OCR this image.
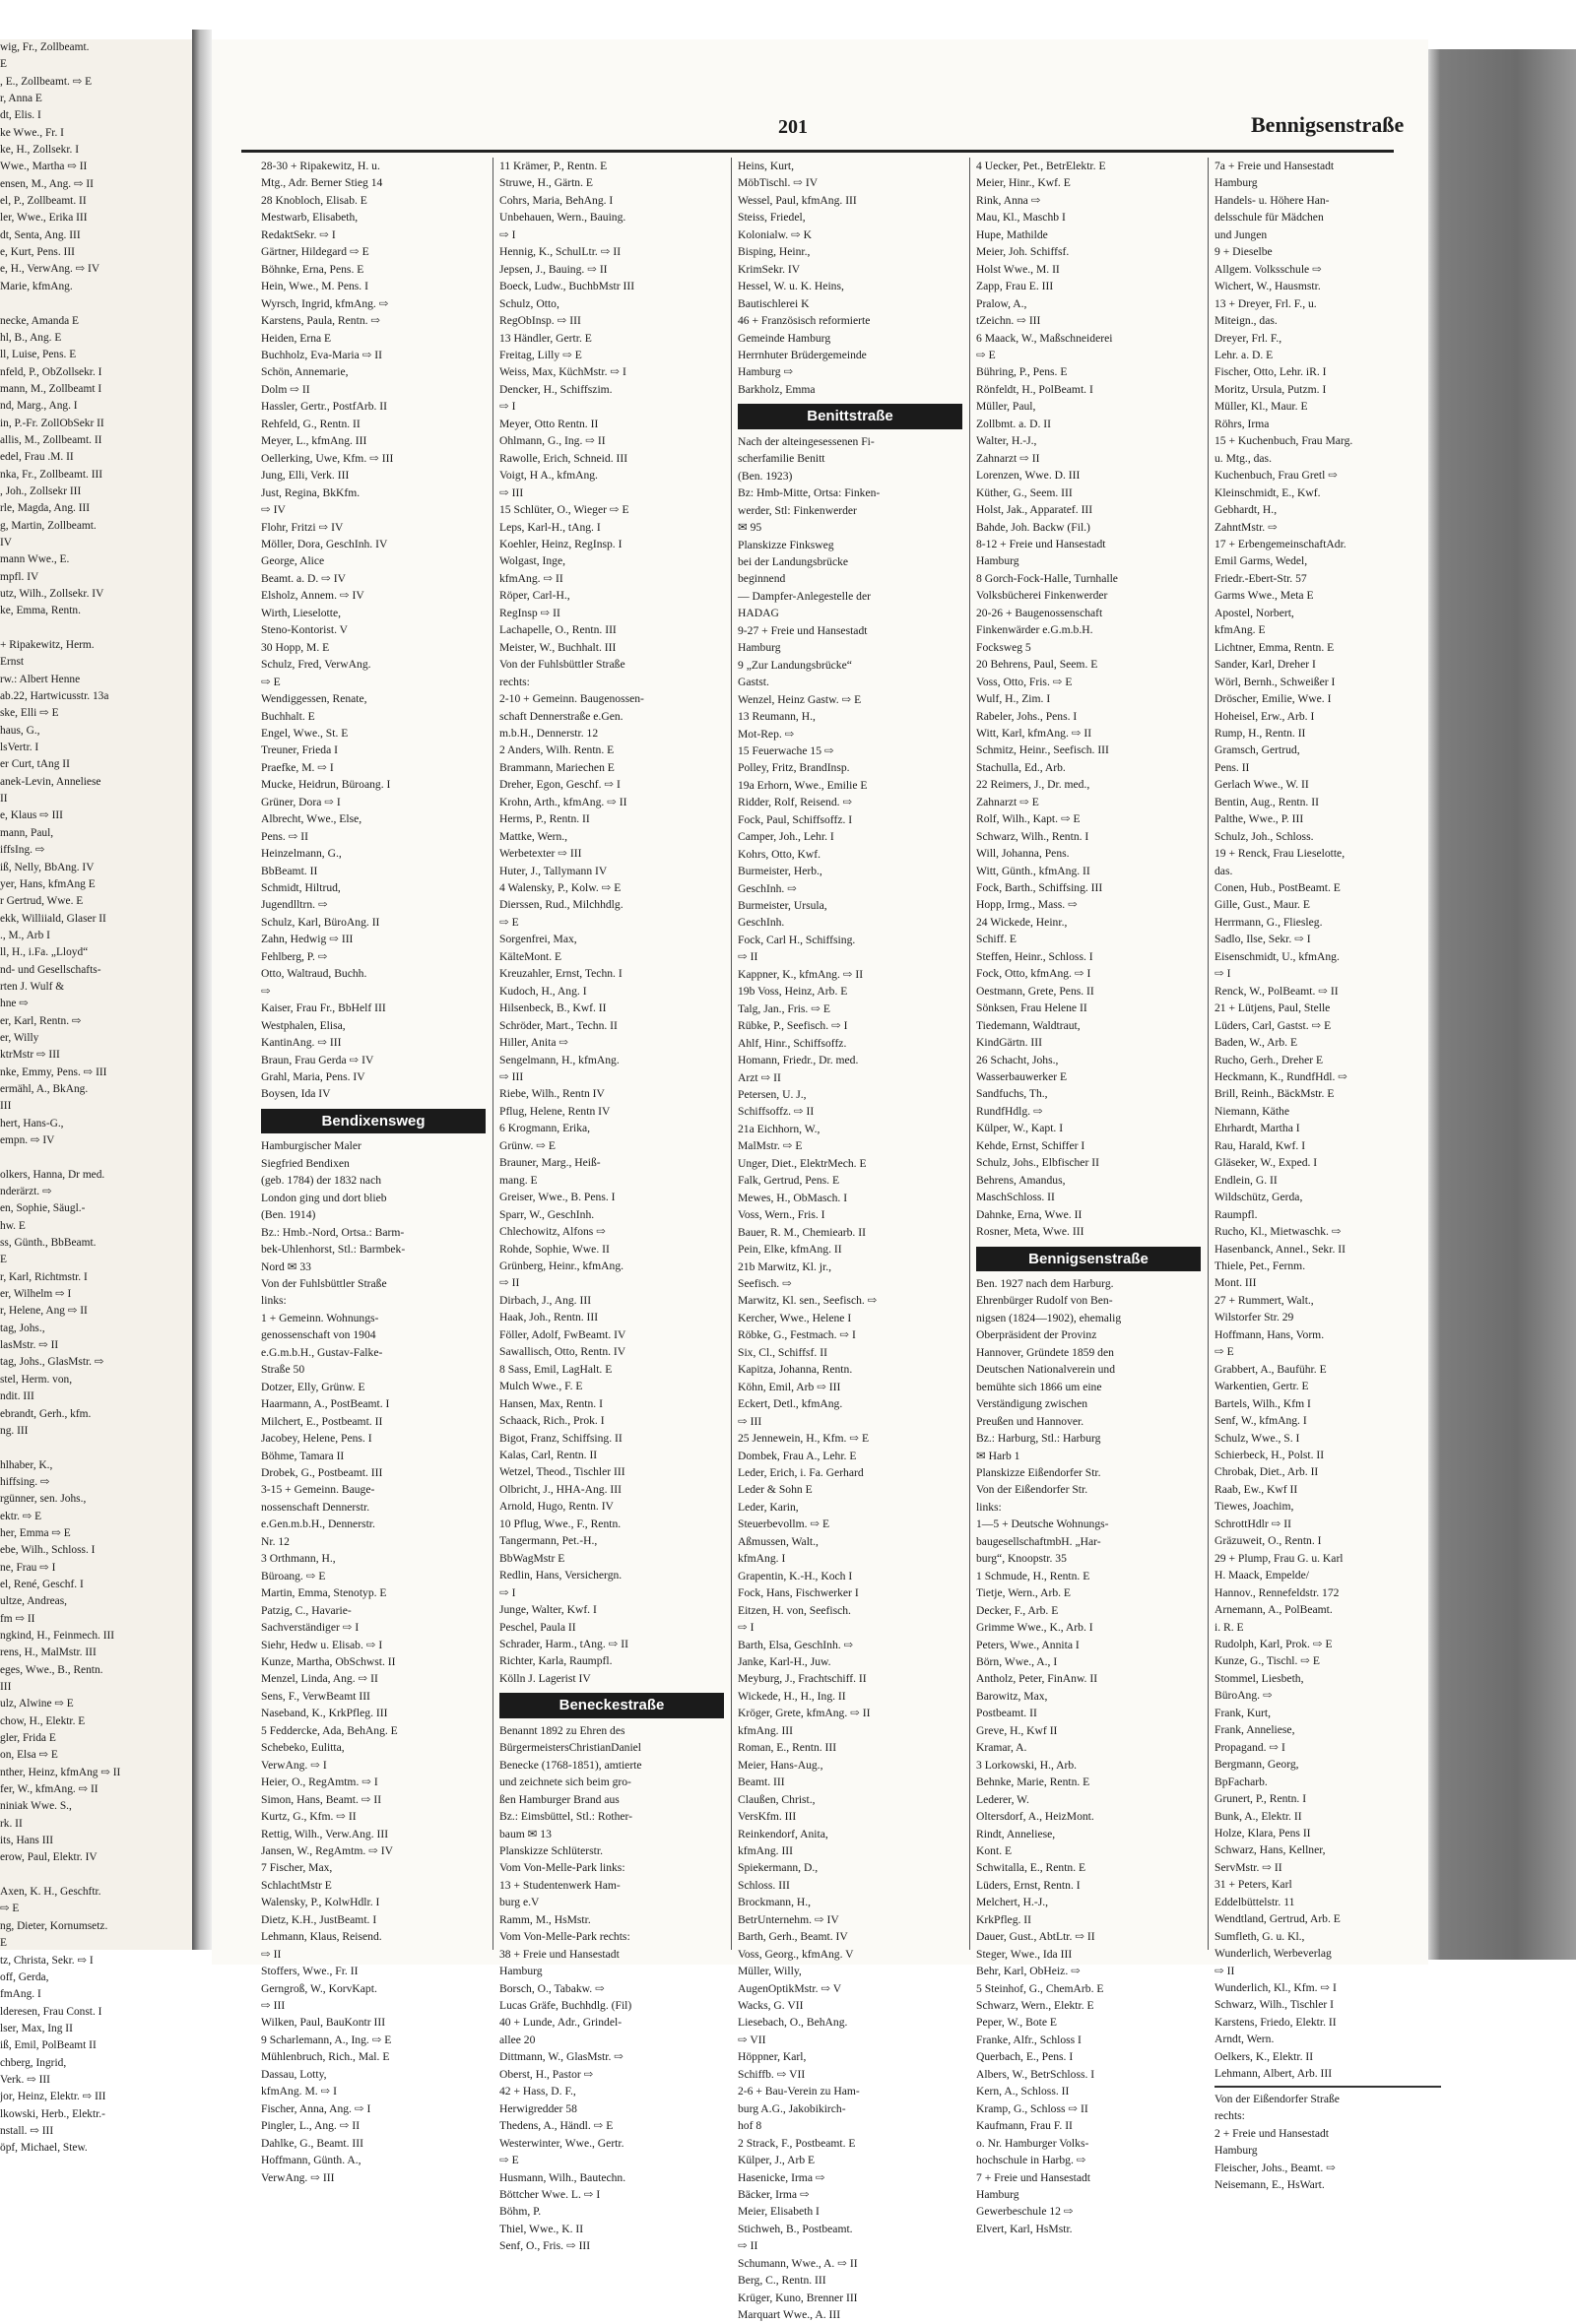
wig, Fr., Zollbeamt.
E
, E., Zollbeamt. ⇨ E
r, Anna E
dt, Elis. I
ke Wwe., Fr. I
ke, H., Zollsekr. I
Wwe., Martha ⇨ II
ensen, M., Ang. ⇨ II
el, P., Zollbeamt. II
ler, Wwe., Erika III
dt, Senta, Ang. III
e, Kurt, Pens. III
e, H., VerwAng. ⇨ IV
Marie, kfmAng.

necke, Amanda E
hl, B., Ang. E
ll, Luise, Pens. E
nfeld, P., ObZollsekr. I
mann, M., Zollbeamt I
nd, Marg., Ang. I
in, P.-Fr. ZollObSekr II
allis, M., Zollbeamt. II
edel, Frau .M. II
nka, Fr., Zollbeamt. III
, Joh., Zollsekr III
rle, Magda, Ang. III
g, Martin, Zollbeamt.
IV
mann Wwe., E.
mpfl. IV
utz, Wilh., Zollsekr. IV
ke, Emma, Rentn.

+ Ripakewitz, Herm.
Ernst
rw.: Albert Henne
ab.22, Hartwicusstr. 13a
ske, Elli ⇨ E
haus, G.,
lsVertr. I
er Curt, tAng II
anek-Levin, Anneliese
II
e, Klaus ⇨ III
mann, Paul,
iffsIng. ⇨
iß, Nelly, BbAng. IV
yer, Hans, kfmAng E
r Gertrud, Wwe. E
ekk, Williiald, Glaser II
., M., Arb I
ll, H., i.Fa. „Lloyd“
nd- und Gesellschafts-
rten J. Wulf &
hne ⇨
er, Karl, Rentn. ⇨
er, Willy
ktrMstr ⇨ III
nke, Emmy, Pens. ⇨ III
ermähl, A., BkAng.
III
hert, Hans-G.,
empn. ⇨ IV

olkers, Hanna, Dr med.
nderärzt. ⇨
en, Sophie, Säugl.-
hw. E
ss, Günth., BbBeamt.
E
r, Karl, Richtmstr. I
er, Wilhelm ⇨ I
r, Helene, Ang ⇨ II
tag, Johs.,
lasMstr. ⇨ II
tag, Johs., GlasMstr. ⇨
stel, Herm. von,
ndit. III
ebrandt, Gerh., kfm.
ng. III

hlhaber, K.,
hiffsing. ⇨
rgünner, sen. Johs.,
ektr. ⇨ E
her, Emma ⇨ E
ebe, Wilh., Schloss. I
ne, Frau ⇨ I
el, René, Geschf. I
ultze, Andreas,
fm ⇨ II
ngkind, H., Feinmech. III
rens, H., MalMstr. III
eges, Wwe., B., Rentn.
III
ulz, Alwine ⇨ E
chow, H., Elektr. E
gler, Frida E
on, Elsa ⇨ E
nther, Heinz, kfmAng ⇨ II
fer, W., kfmAng. ⇨ II
niniak Wwe. S.,
rk. II
its, Hans III
erow, Paul, Elektr. IV

Axen, K. H., Geschftr.
⇨ E
ng, Dieter, Kornumsetz.
E
tz, Christa, Sekr. ⇨ I
off, Gerda,
fmAng. I
lderesen, Frau Const. I
lser, Max, Ing II
iß, Emil, PolBeamt II
chberg, Ingrid,
Verk. ⇨ III
jor, Heinz, Elektr. ⇨ III
lkowski, Herb., Elektr.-
nstall. ⇨ III
öpf, Michael, Stew.
201	Bennigsenstraße
28-30 + Ripakewitz, H. u.
Mtg., Adr. Berner Stieg 14
28 Knobloch, Elisab. E
Mestwarb, Elisabeth,
RedaktSekr. ⇨ I
Gärtner, Hildegard ⇨ E
Böhnke, Erna, Pens. E
Hein, Wwe., M. Pens. I
Wyrsch, Ingrid, kfmAng. ⇨
Karstens, Paula, Rentn. ⇨
Heiden, Erna E
Buchholz, Eva-Maria ⇨ II
Schön, Annemarie,
Dolm ⇨ II
Hassler, Gertr., PostfArb. II
Rehfeld, G., Rentn. II
Meyer, L., kfmAng. III
Oellerking, Uwe, Kfm. ⇨ III
Jung, Elli, Verk. III
Just, Regina, BkKfm.
⇨ IV
Flohr, Fritzi ⇨ IV
Möller, Dora, GeschInh. IV
George, Alice
Beamt. a. D. ⇨ IV
Elsholz, Annem. ⇨ IV
Wirth, Lieselotte,
Steno-Kontorist. V
30 Hopp, M. E
Schulz, Fred, VerwAng.
⇨ E
Wendiggessen, Renate,
Buchhalt. E
Engel, Wwe., St. E
Treuner, Frieda I
Praefke, M. ⇨ I
Mucke, Heidrun, Büroang. I
Grüner, Dora ⇨ I
Albrecht, Wwe., Else,
Pens. ⇨ II
Heinzelmann, G.,
BbBeamt. II
Schmidt, Hiltrud,
Jugendlltrn. ⇨
Schulz, Karl, BüroAng. II
Zahn, Hedwig ⇨ III
Fehlberg, P. ⇨
Otto, Waltraud, Buchh.
⇨
Kaiser, Frau Fr., BbHelf III
Westphalen, Elisa,
KantinAng. ⇨ III
Braun, Frau Gerda ⇨ IV
Grahl, Maria, Pens. IV
Boysen, Ida IV
Bendixensweg
Hamburgischer Maler
Siegfried Bendixen
(geb. 1784) der 1832 nach
London ging und dort blieb
(Ben. 1914)
Bz.: Hmb.-Nord, Ortsa.: Barm-
bek-Uhlenhorst, Stl.: Barmbek-
Nord ✉ 33
Von der Fuhlsbüttler Straße
links:
1 + Gemeinn. Wohnungs-
genossenschaft von 1904
e.G.m.b.H., Gustav-Falke-
Straße 50
Dotzer, Elly, Grünw. E
Haarmann, A., PostBeamt. I
Milchert, E., Postbeamt. II
Jacobey, Helene, Pens. I
Böhme, Tamara II
Drobek, G., Postbeamt. III
3-15 + Gemeinn. Bauge-
nossenschaft Dennerstr.
e.Gen.m.b.H., Dennerstr.
Nr. 12
3 Orthmann, H.,
Büroang. ⇨ E
Martin, Emma, Stenotyp. E
Patzig, C., Havarie-
Sachverständiger ⇨ I
Siehr, Hedw u. Elisab. ⇨ I
Kunze, Martha, ObSchwst. II
Menzel, Linda, Ang. ⇨ II
Sens, F., VerwBeamt III
Naseband, K., KrkPfleg. III
5 Feddercke, Ada, BehAng. E
Schebeko, Eulitta,
VerwAng. ⇨ I
Heier, O., RegAmtm. ⇨ I
Simon, Hans, Beamt. ⇨ II
Kurtz, G., Kfm. ⇨ II
Rettig, Wilh., Verw.Ang. III
Jansen, W., RegAmtm. ⇨ IV
7 Fischer, Max,
SchlachtMstr E
Walensky, P., KolwHdlr. I
Dietz, K.H., JustBeamt. I
Lehmann, Klaus, Reisend.
⇨ II
Stoffers, Wwe., Fr. II
Gerngroß, W., KorvKapt.
⇨ III
Wilken, Paul, BauKontr III
9 Scharlemann, A., Ing. ⇨ E
Mühlenbruch, Rich., Mal. E
Dassau, Lotty,
kfmAng. M. ⇨ I
Fischer, Anna, Ang. ⇨ I
Pingler, L., Ang. ⇨ II
Dahlke, G., Beamt. III
Hoffmann, Günth. A.,
VerwAng. ⇨ III
11 Krämer, P., Rentn. E
Struwe, H., Gärtn. E
Cohrs, Maria, BehAng. I
Unbehauen, Wern., Bauing.
⇨ I
Hennig, K., SchulLtr. ⇨ II
Jepsen, J., Bauing. ⇨ II
Boeck, Ludw., BuchbMstr III
Schulz, Otto,
RegObInsp. ⇨ III
13 Händler, Gertr. E
Freitag, Lilly ⇨ E
Weiss, Max, KüchMstr. ⇨ I
Dencker, H., Schiffszim.
⇨ I
Meyer, Otto Rentn. II
Ohlmann, G., Ing. ⇨ II
Rawolle, Erich, Schneid. III
Voigt, H A., kfmAng.
⇨ III
15 Schlüter, O., Wieger ⇨ E
Leps, Karl-H., tAng. I
Koehler, Heinz, RegInsp. I
Wolgast, Inge,
kfmAng. ⇨ II
Röper, Carl-H.,
RegInsp ⇨ II
Lachapelle, O., Rentn. III
Meister, W., Buchhalt. III
Von der Fuhlsbüttler Straße
rechts:
2-10 + Gemeinn. Baugenossen-
schaft Dennerstraße e.Gen.
m.b.H., Dennerstr. 12
2 Anders, Wilh. Rentn. E
Brammann, Mariechen E
Dreher, Egon, Geschf. ⇨ I
Krohn, Arth., kfmAng. ⇨ II
Herms, P., Rentn. II
Mattke, Wern.,
Werbetexter ⇨ III
Huter, J., Tallymann IV
4 Walensky, P., Kolw. ⇨ E
Dierssen, Rud., Milchhdlg.
⇨ E
Sorgenfrei, Max,
KälteMont. E
Kreuzahler, Ernst, Techn. I
Kudoch, H., Ang. I
Hilsenbeck, B., Kwf. II
Schröder, Mart., Techn. II
Hiller, Anita ⇨
Sengelmann, H., kfmAng.
⇨ III
Riebe, Wilh., Rentn IV
Pflug, Helene, Rentn IV
6 Krogmann, Erika,
Grünw. ⇨ E
Brauner, Marg., Heiß-
mang. E
Greiser, Wwe., B. Pens. I
Sparr, W., GeschInh.
Chlechowitz, Alfons ⇨
Rohde, Sophie, Wwe. II
Grünberg, Heinr., kfmAng.
⇨ II
Dirbach, J., Ang. III
Haak, Joh., Rentn. III
Föller, Adolf, FwBeamt. IV
Sawallisch, Otto, Rentn. IV
8 Sass, Emil, LagHalt. E
Mulch Wwe., F. E
Hansen, Max, Rentn. I
Schaack, Rich., Prok. I
Bigot, Franz, Schiffsing. II
Kalas, Carl, Rentn. II
Wetzel, Theod., Tischler III
Olbricht, J., HHA-Ang. III
Arnold, Hugo, Rentn. IV
10 Pflug, Wwe., F., Rentn.
Tangermann, Pet.-H.,
BbWagMstr E
Redlin, Hans, Versichergn.
⇨ I
Junge, Walter, Kwf. I
Peschel, Paula II
Schrader, Harm., tAng. ⇨ II
Richter, Karla, Raumpfl.
Kölln J. Lagerist IV
Beneckestraße
Benannt 1892 zu Ehren des
BürgermeistersChristianDaniel
Benecke (1768-1851), amtierte
und zeichnete sich beim gro-
ßen Hamburger Brand aus
Bz.: Eimsbüttel, Stl.: Rother-
baum ✉ 13
Planskizze Schlüterstr.
Vom Von-Melle-Park links:
13 + Studentenwerk Ham-
burg e.V
Ramm, M., HsMstr.
Vom Von-Melle-Park rechts:
38 + Freie und Hansestadt
Hamburg
Borsch, O., Tabakw. ⇨
Lucas Gräfe, Buchhdlg. (Fil)
40 + Lunde, Adr., Grindel-
allee 20
Dittmann, W., GlasMstr. ⇨
Oberst, H., Pastor ⇨
42 + Hass, D. F.,
Herwigredder 58
Thedens, A., Händl. ⇨ E
Westerwinter, Wwe., Gertr.
⇨ E
Husmann, Wilh., Bautechn.
Böttcher Wwe. L. ⇨ I
Böhm, P.
Thiel, Wwe., K. II
Senf, O., Fris. ⇨ III
Heins, Kurt,
MöbTischl. ⇨ IV
Wessel, Paul, kfmAng. III
Steiss, Friedel,
Kolonialw. ⇨ K
Bisping, Heinr.,
KrimSekr. IV
Hessel, W. u. K. Heins,
Bautischlerei K
46 + Französisch reformierte
Gemeinde Hamburg
Herrnhuter Brüdergemeinde
Hamburg ⇨
Barkholz, Emma
Benittstraße
Nach der alteingesessenen Fi-
scherfamilie Benitt
(Ben. 1923)
Bz: Hmb-Mitte, Ortsa: Finken-
werder, Stl: Finkenwerder
✉ 95
Planskizze Finksweg
bei der Landungsbrücke
beginnend
— Dampfer-Anlegestelle der
HADAG
9-27 + Freie und Hansestadt
Hamburg
9 „Zur Landungsbrücke“
Gastst.
Wenzel, Heinz Gastw. ⇨ E
13 Reumann, H.,
Mot-Rep. ⇨
15 Feuerwache 15 ⇨
Polley, Fritz, BrandInsp.
19a Erhorn, Wwe., Emilie E
Ridder, Rolf, Reisend. ⇨
Fock, Paul, Schiffsoffz. I
Camper, Joh., Lehr. I
Kohrs, Otto, Kwf.
Burmeister, Herb.,
GeschInh. ⇨
Burmeister, Ursula,
GeschInh.
Fock, Carl H., Schiffsing.
⇨ II
Kappner, K., kfmAng. ⇨ II
19b Voss, Heinz, Arb. E
Talg, Jan., Fris. ⇨ E
Rübke, P., Seefisch. ⇨ I
Ahlf, Hinr., Schiffsoffz.
Homann, Friedr., Dr. med.
Arzt ⇨ II
Petersen, U. J.,
Schiffsoffz. ⇨ II
21a Eichhorn, W.,
MalMstr. ⇨ E
Unger, Diet., ElektrMech. E
Falk, Gertrud, Pens. E
Mewes, H., ObMasch. I
Voss, Wern., Fris. I
Bauer, R. M., Chemiearb. II
Pein, Elke, kfmAng. II
21b Marwitz, Kl. jr.,
Seefisch. ⇨
Marwitz, Kl. sen., Seefisch. ⇨
Kercher, Wwe., Helene I
Röbke, G., Festmach. ⇨ I
Six, Cl., Schiffsf. II
Kapitza, Johanna, Rentn.
Köhn, Emil, Arb ⇨ III
Eckert, Detl., kfmAng.
⇨ III
25 Jennewein, H., Kfm. ⇨ E
Dombek, Frau A., Lehr. E
Leder, Erich, i. Fa. Gerhard
Leder & Sohn E
Leder, Karin,
Steuerbevollm. ⇨ E
Aßmussen, Walt.,
kfmAng. I
Grapentin, K.-H., Koch I
Fock, Hans, Fischwerker I
Eitzen, H. von, Seefisch.
⇨ I
Barth, Elsa, GeschInh. ⇨
Janke, Karl-H., Juw.
Meyburg, J., Frachtschiff. II
Wickede, H., H., Ing. II
Kröger, Grete, kfmAng. ⇨ II
kfmAng. III
Roman, E., Rentn. III
Meier, Hans-Aug.,
Beamt. III
Claußen, Christ.,
VersKfm. III
Reinkendorf, Anita,
kfmAng. III
Spiekermann, D.,
Schloss. III
Brockmann, H.,
BetrUnternehm. ⇨ IV
Barth, Gerh., Beamt. IV
Voss, Georg., kfmAng. V
Müller, Willy,
AugenOptikMstr. ⇨ V
Wacks, G. VII
Liesebach, O., BehAng.
⇨ VII
Höppner, Karl,
Schiffb. ⇨ VII
2-6 + Bau-Verein zu Ham-
burg A.G., Jakobikirch-
hof 8
2 Strack, F., Postbeamt. E
Külper, J., Arb E
Hasenicke, Irma ⇨
Bäcker, Irma ⇨
Meier, Elisabeth I
Stichweh, B., Postbeamt.
⇨ II
Schumann, Wwe., A. ⇨ II
Berg, C., Rentn. III
Krüger, Kuno, Brenner III
Marquart Wwe., A. III
4 Uecker, Pet., BetrElektr. E
Meier, Hinr., Kwf. E
Rink, Anna ⇨
Mau, Kl., Maschb I
Hupe, Mathilde
Meier, Joh. Schiffsf.
Holst Wwe., M. II
Zapp, Frau E. III
Pralow, A.,
tZeichn. ⇨ III
6 Maack, W., Maßschneiderei
⇨ E
Bühring, P., Pens. E
Rönfeldt, H., PolBeamt. I
Müller, Paul,
Zollbmt. a. D. II
Walter, H.-J.,
Zahnarzt ⇨ II
Lorenzen, Wwe. D. III
Küther, G., Seem. III
Holst, Jak., Apparatef. III
Bahde, Joh. Backw (Fil.)
8-12 + Freie und Hansestadt
Hamburg
8 Gorch-Fock-Halle, Turnhalle
Volksbücherei Finkenwerder
20-26 + Baugenossenschaft
Finkenwärder e.G.m.b.H.
Focksweg 5
20 Behrens, Paul, Seem. E
Voss, Otto, Fris. ⇨ E
Wulf, H., Zim. I
Rabeler, Johs., Pens. I
Witt, Karl, kfmAng. ⇨ II
Schmitz, Heinr., Seefisch. III
Stachulla, Ed., Arb.
22 Reimers, J., Dr. med.,
Zahnarzt ⇨ E
Rolf, Wilh., Kapt. ⇨ E
Schwarz, Wilh., Rentn. I
Will, Johanna, Pens.
Witt, Günth., kfmAng. II
Fock, Barth., Schiffsing. III
Hopp, Irmg., Mass. ⇨
24 Wickede, Heinr.,
Schiff. E
Steffen, Heinr., Schloss. I
Fock, Otto, kfmAng. ⇨ I
Oestmann, Grete, Pens. II
Sönksen, Frau Helene II
Tiedemann, Waldtraut,
KindGärtn. III
26 Schacht, Johs.,
Wasserbauwerker E
Sandfuchs, Th.,
RundfHdlg. ⇨
Külper, W., Kapt. I
Kehde, Ernst, Schiffer I
Schulz, Johs., Elbfischer II
Behrens, Amandus,
MaschSchloss. II
Dahnke, Erna, Wwe. II
Rosner, Meta, Wwe. III
Bennigsenstraße
Ben. 1927 nach dem Harburg.
Ehrenbürger Rudolf von Ben-
nigsen (1824—1902), ehemalig
Oberpräsident der Provinz
Hannover, Gründete 1859 den
Deutschen Nationalverein und
bemühte sich 1866 um eine
Verständigung zwischen
Preußen und Hannover.
Bz.: Harburg, Stl.: Harburg
✉ Harb 1
Planskizze Eißendorfer Str.
Von der Eißendorfer Str.
links:
1—5 + Deutsche Wohnungs-
baugesellschaftmbH. „Har-
burg“, Knoopstr. 35
1 Schmude, H., Rentn. E
Tietje, Wern., Arb. E
Decker, F., Arb. E
Grimme Wwe., K., Arb. I
Peters, Wwe., Annita I
Börn, Wwe., A., I
Antholz, Peter, FinAnw. II
Barowitz, Max,
Postbeamt. II
Greve, H., Kwf II
Kramar, A.
3 Lorkowski, H., Arb.
Behnke, Marie, Rentn. E
Lederer, W.
Oltersdorf, A., HeizMont.
Rindt, Anneliese,
Kont. E
Schwitalla, E., Rentn. E
Lüders, Ernst, Rentn. I
Melchert, H.-J.,
KrkPfleg. II
Dauer, Gust., AbtLtr. ⇨ II
Steger, Wwe., Ida III
Behr, Karl, ObHeiz. ⇨
5 Steinhof, G., ChemArb. E
Schwarz, Wern., Elektr. E
Peper, W., Bote E
Franke, Alfr., Schloss I
Querbach, E., Pens. I
Albers, W., BetrSchloss. I
Kern, A., Schloss. II
Kramp, G., Schloss ⇨ II
Kaufmann, Frau F. II
o. Nr. Hamburger Volks-
hochschule in Harbg. ⇨
7 + Freie und Hansestadt
Hamburg
Gewerbeschule 12 ⇨
Elvert, Karl, HsMstr.
7a + Freie und Hansestadt
Hamburg
Handels- u. Höhere Han-
delsschule für Mädchen
und Jungen
9 + Dieselbe
Allgem. Volksschule ⇨
Wichert, W., Hausmstr.
13 + Dreyer, Frl. F., u.
Miteign., das.
Dreyer, Frl. F.,
Lehr. a. D. E
Fischer, Otto, Lehr. iR. I
Moritz, Ursula, Putzm. I
Müller, Kl., Maur. E
Röhrs, Irma
15 + Kuchenbuch, Frau Marg.
u. Mtg., das.
Kuchenbuch, Frau Gretl ⇨
Kleinschmidt, E., Kwf.
Gebhardt, H.,
ZahntMstr. ⇨
17 + ErbengemeinschaftAdr.
Emil Garms, Wedel,
Friedr.-Ebert-Str. 57
Garms Wwe., Meta E
Apostel, Norbert,
kfmAng. E
Lichtner, Emma, Rentn. E
Sander, Karl, Dreher I
Wörl, Bernh., Schweißer I
Dröscher, Emilie, Wwe. I
Hoheisel, Erw., Arb. I
Rump, H., Rentn. II
Gramsch, Gertrud,
Pens. II
Gerlach Wwe., W. II
Bentin, Aug., Rentn. II
Palthe, Wwe., P. III
Schulz, Joh., Schloss.
19 + Renck, Frau Lieselotte,
das.
Conen, Hub., PostBeamt. E
Gille, Gust., Maur. E
Herrmann, G., Fliesleg.
Sadlo, Ilse, Sekr. ⇨ I
Eisenschmidt, U., kfmAng.
⇨ I
Renck, W., PolBeamt. ⇨ II
21 + Lütjens, Paul, Stelle
Lüders, Carl, Gastst. ⇨ E
Baden, W., Arb. E
Rucho, Gerh., Dreher E
Heckmann, K., RundfHdl. ⇨
Brill, Reinh., BäckMstr. E
Niemann, Käthe
Ehrhardt, Martha I
Rau, Harald, Kwf. I
Gläseker, W., Exped. I
Endlein, G. II
Wildschütz, Gerda,
Raumpfl.
Rucho, Kl., Mietwaschk. ⇨
Hasenbanck, Annel., Sekr. II
Thiele, Pet., Fernm.
Mont. III
27 + Rummert, Walt.,
Wilstorfer Str. 29
Hoffmann, Hans, Vorm.
⇨ E
Grabbert, A., Bauführ. E
Warkentien, Gertr. E
Bartels, Wilh., Kfm I
Senf, W., kfmAng. I
Schulz, Wwe., S. I
Schierbeck, H., Polst. II
Chrobak, Diet., Arb. II
Raab, Ew., Kwf II
Tiewes, Joachim,
SchrottHdlr ⇨ II
Gräzuweit, O., Rentn. I
29 + Plump, Frau G. u. Karl
H. Maack, Empelde/
Hannov., Rennefeldstr. 172
Arnemann, A., PolBeamt.
i. R. E
Rudolph, Karl, Prok. ⇨ E
Kunze, G., Tischl. ⇨ E
Stommel, Liesbeth,
BüroAng. ⇨
Frank, Kurt,
Frank, Anneliese,
Propagand. ⇨ I
Bergmann, Georg,
BpFacharb.
Grunert, P., Rentn. I
Bunk, A., Elektr. II
Holze, Klara, Pens II
Schwarz, Hans, Kellner,
ServMstr. ⇨ II
31 + Peters, Karl
Eddelbüttelstr. 11
Wendtland, Gertrud, Arb. E
Sumfleth, G. u. Kl.,
Wunderlich, Werbeverlag
⇨ II
Wunderlich, Kl., Kfm. ⇨ I
Schwarz, Wilh., Tischler I
Karstens, Friedo, Elektr. II
Arndt, Wern.
Oelkers, K., Elektr. II
Lehmann, Albert, Arb. III
Von der Eißendorfer Straße
rechts:
2 + Freie und Hansestadt
Hamburg
Fleischer, Johs., Beamt. ⇨
Neisemann, E., HsWart.
